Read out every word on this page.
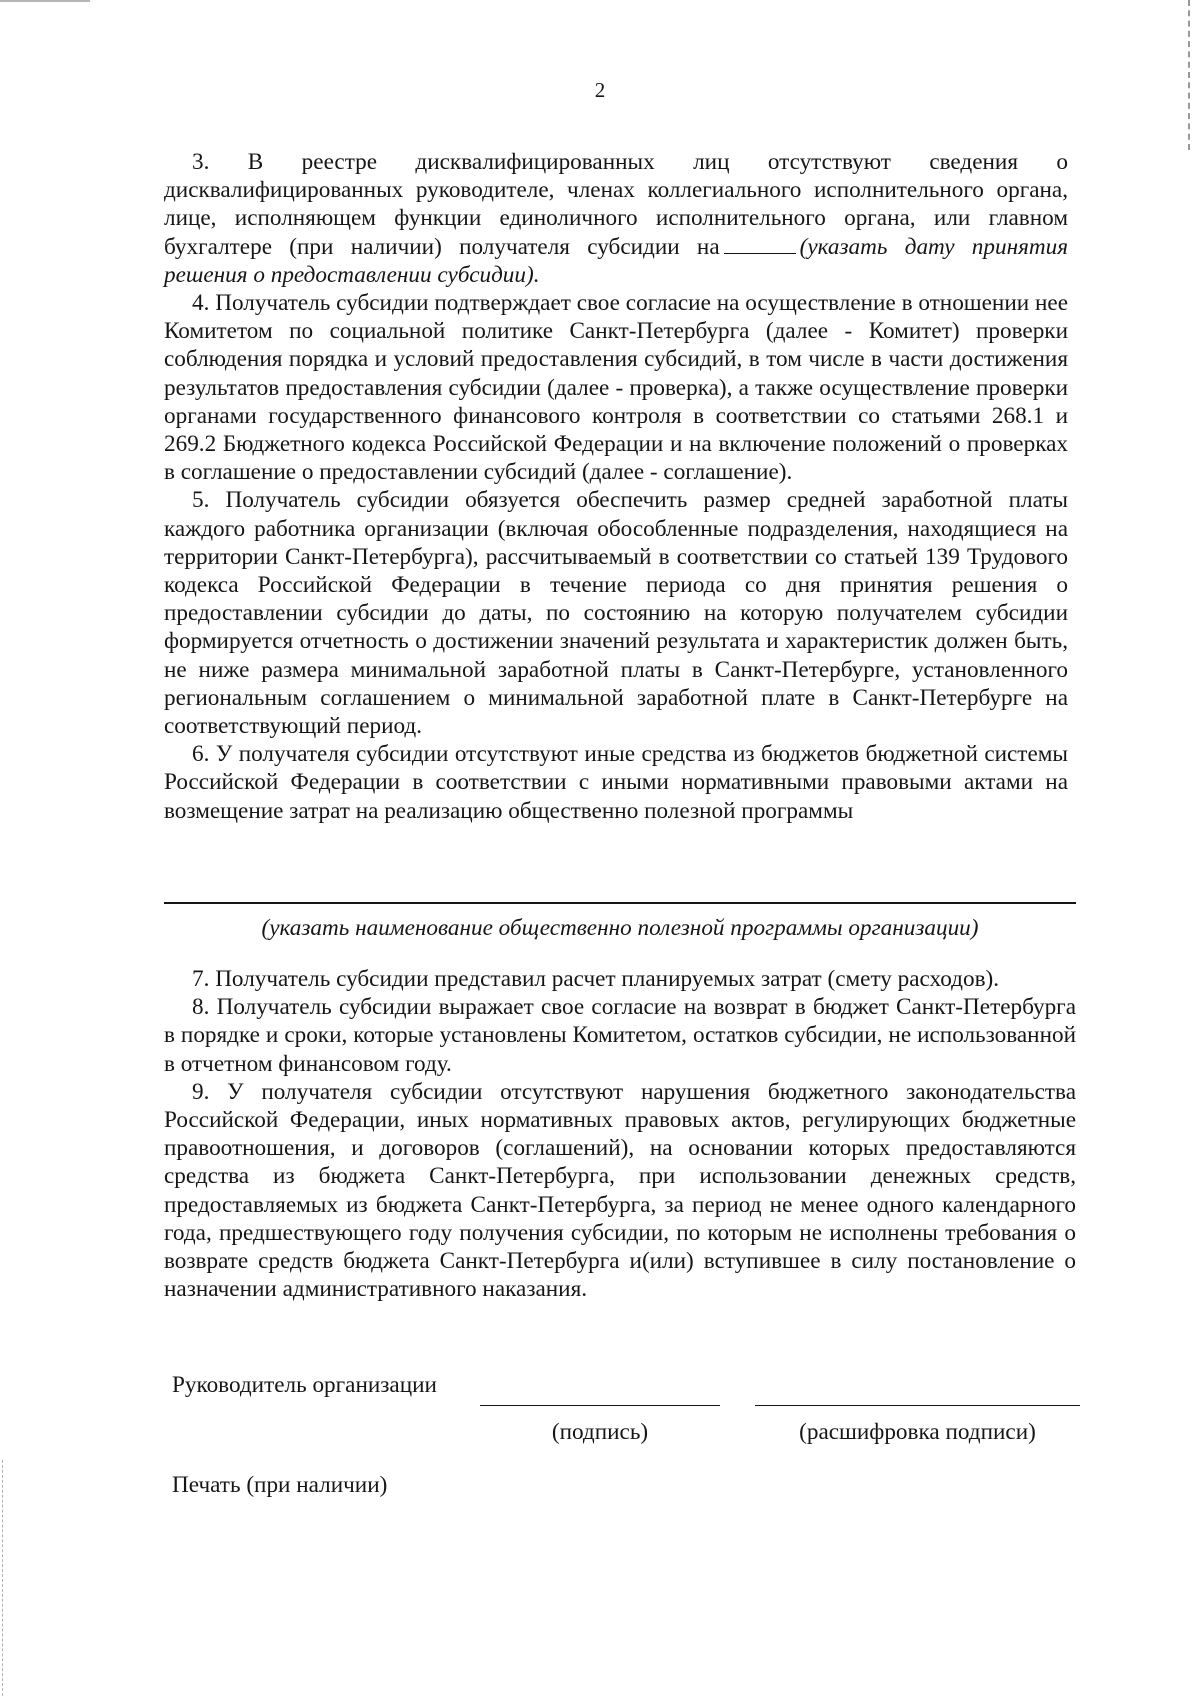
2

3. В реестре дисквалифицированных лиц отсутствуют сведения о дисквалифицированных руководителе, членах коллегиального исполнительного органа, лице, исполняющем функции единоличного исполнительного органа, или главном бухгалтере (при наличии) получателя субсидии на	(указать дату принятия решения о предоставлении субсидии).

4. Получатель субсидии подтверждает свое согласие на осуществление в отношении нее Комитетом по социальной политике Санкт-Петербурга (далее - Комитет) проверки соблюдения порядка и условий предоставления субсидий, в том числе в части достижения результатов предоставления субсидии (далее - проверка), а также осуществление проверки органами государственного финансового контроля в соответствии со статьями 268.1 и 269.2 Бюджетного кодекса Российской Федерации и на включение положений о проверках в соглашение о предоставлении субсидий (далее - соглашение).

5. Получатель субсидии обязуется обеспечить размер средней заработной платы каждого работника организации (включая обособленные подразделения, находящиеся на территории Санкт-Петербурга), рассчитываемый в соответствии со статьей 139 Трудового кодекса Российской Федерации в течение периода со дня принятия решения о предоставлении субсидии до даты, по состоянию на которую получателем субсидии формируется отчетность о достижении значений результата и характеристик должен быть, не ниже размера минимальной заработной платы в Санкт-Петербурге, установленного региональным соглашением о минимальной заработной плате в Санкт-Петербурге на соответствующий период.

6. У получателя субсидии отсутствуют иные средства из бюджетов бюджетной системы Российской Федерации в соответствии с иными нормативными правовыми актами на возмещение затрат на реализацию общественно полезной программы

(указать наименование общественно полезной программы организации)

7. Получатель субсидии представил расчет планируемых затрат (смету расходов).

8. Получатель субсидии выражает свое согласие на возврат в бюджет Санкт-Петербурга в порядке и сроки, которые установлены Комитетом, остатков субсидии, не использованной в отчетном финансовом году.

9. У получателя субсидии отсутствуют нарушения бюджетного законодательства Российской Федерации, иных нормативных правовых актов, регулирующих бюджетные правоотношения, и договоров (соглашений), на основании которых предоставляются средства из бюджета Санкт-Петербурга, при использовании денежных средств, предоставляемых из бюджета Санкт-Петербурга, за период не менее одного календарного года, предшествующего году получения субсидии, по которым не исполнены требования о возврате средств бюджета Санкт-Петербурга и(или) вступившее в силу постановление о назначении административного наказания.

Руководитель организации
(подпись)	(расшифровка подписи)
Печать (при наличии)
